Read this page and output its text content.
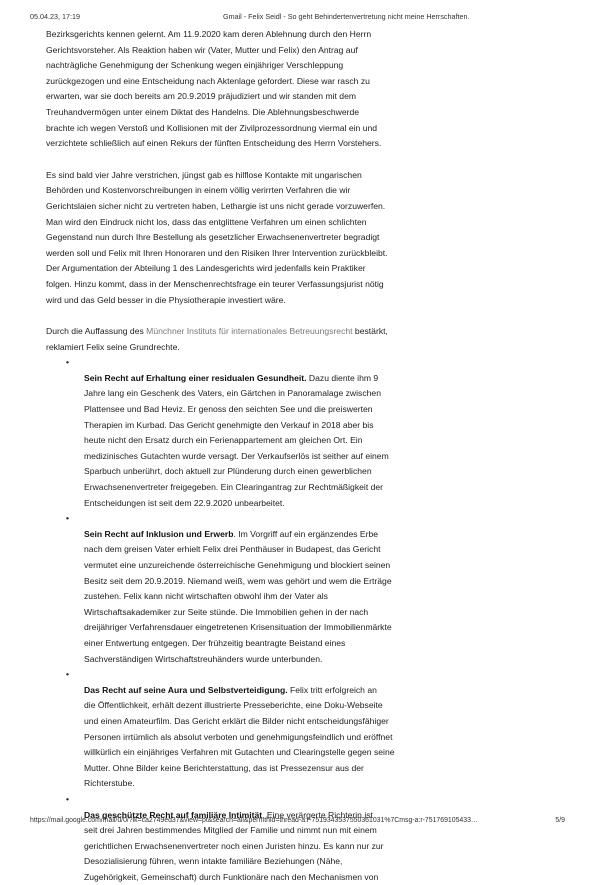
05.04.23, 17:19	Gmail - Felix Seidl - So geht Behindertenvertretung nicht meine Herrschaften.

Bezirksgerichts kennen gelernt. Am 11.9.2020 kam deren Ablehnung durch den Herrn
Gerichtsvorsteher. Als Reaktion haben wir (Vater, Mutter und Felix) den Antrag auf
nachträgliche Genehmigung der Schenkung wegen einjähriger Verschleppung
zurückgezogen und eine Entscheidung nach Aktenlage gefordert. Diese war rasch zu
erwarten, war sie doch bereits am 20.9.2019 präjudiziert und wir standen mit dem
Treuhandvermögen unter einem Diktat des Handelns. Die Ablehnungsbeschwerde
brachte ich wegen Verstoß und Kollisionen mit der Zivilprozessordnung viermal ein und
verzichtete schließlich auf einen Rekurs der fünften Entscheidung des Herrn Vorstehers.

Es sind bald vier Jahre verstrichen, jüngst gab es hilflose Kontakte mit ungarischen
Behörden und Kostenvorschreibungen in einem völlig verirrten Verfahren die wir
Gerichtslaien sicher nicht zu vertreten haben, Lethargie ist uns nicht gerade vorzuwerfen.
Man wird den Eindruck nicht los, dass das entglittene Verfahren um einen schlichten
Gegenstand nun durch Ihre Bestellung als gesetzlicher Erwachsenenvertreter begradigt
werden soll und Felix mit Ihren Honoraren und den Risiken Ihrer Intervention zurückbleibt.
Der Argumentation der Abteilung 1 des Landesgerichts wird jedenfalls kein Praktiker
folgen. Hinzu kommt, dass in der Menschenrechtsfrage ein teurer Verfassungsjurist nötig
wird und das Geld besser in die Physiotherapie investiert wäre.

Durch die Auffassung des Münchner Instituts für internationales Betreuungsrecht bestärkt,
reklamiert Felix seine Grundrechte.

•
Sein Recht auf Erhaltung einer residualen Gesundheit. Dazu diente ihm 9
Jahre lang ein Geschenk des Vaters, ein Gärtchen in Panoramalage zwischen
Plattensee und Bad Heviz. Er genoss den seichten See und die preiswerten
Therapien im Kurbad. Das Gericht genehmigte den Verkauf in 2018 aber bis
heute nicht den Ersatz durch ein Ferienappartement am gleichen Ort. Ein
medizinisches Gutachten wurde versagt. Der Verkaufserlös ist seither auf einem
Sparbuch unberührt, doch aktuell zur Plünderung durch einen gewerblichen
Erwachsenenvertreter freigegeben. Ein Clearingantrag zur Rechtmäßigkeit der
Entscheidungen ist seit dem 22.9.2020 unbearbeitet.

•
Sein Recht auf Inklusion und Erwerb. Im Vorgriff auf ein ergänzendes Erbe
nach dem greisen Vater erhielt Felix drei Penthäuser in Budapest, das Gericht
vermutet eine unzureichende österreichische Genehmigung und blockiert seinen
Besitz seit dem 20.9.2019. Niemand weiß, wem was gehört und wem die Erträge
zustehen. Felix kann nicht wirtschaften obwohl ihm der Vater als
Wirtschaftsakademiker zur Seite stünde. Die Immobilien gehen in der nach
dreijähriger Verfahrensdauer eingetretenen Krisensituation der Immobilienmärkte
einer Entwertung entgegen. Der frühzeitig beantragte Beistand eines
Sachverständigen Wirtschaftstreuhänders wurde unterbunden.

•
Das Recht auf seine Aura und Selbstverteidigung. Felix tritt erfolgreich an
die Öffentlichkeit, erhält dezent illustrierte Presseberichte, eine Doku-Webseite
und einen Amateurfilm. Das Gericht erklärt die Bilder nicht entscheidungsfähiger
Personen irrtümlich als absolut verboten und genehmigungsfeindlich und eröffnet
willkürlich ein einjähriges Verfahren mit Gutachten und Clearingstelle gegen seine
Mutter. Ohne Bilder keine Berichterstattung, das ist Pressezensur aus der
Richterstube.

•
Das geschützte Recht auf familiäre Intimität. Eine verärgerte Richterin ist
seit drei Jahren bestimmendes Mitglied der Familie und nimmt nun mit einem
gerichtlichen Erwachsenenvertreter noch einen Juristen hinzu. Es kann nur zur
Desozialisierung führen, wenn intakte familiäre Beziehungen (Nähe,
Zugehörigkeit, Gemeinschaft) durch Funktionäre nach den Mechanismen von

https://mail.google.com/mail/u/0/?ik=ca2749ed37&view=pt&search=all&permthid=thread-a:r-7519343537550361031%7Cmsg-a:r-751769105433…	5/9
